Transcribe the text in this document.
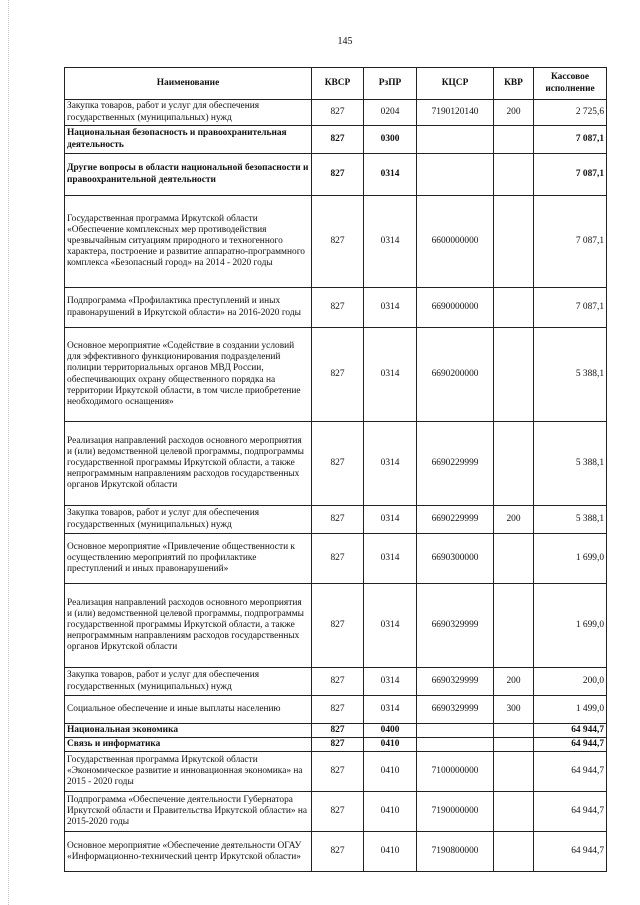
145
Наименование	КВСР	РзПР	КЦСР	КВР	Кассовое исполнение
Закупка товаров, работ и услуг для обеспечения государственных (муниципальных) нужд	827	0204	7190120140	200	2 725,6
Национальная безопасность и правоохранительная деятельность	827	0300			7 087,1
Другие вопросы в области национальной безопасности и правоохранительной деятельности	827	0314			7 087,1
Государственная программа Иркутской области «Обеспечение комплексных мер противодействия чрезвычайным ситуациям природного и техногенного характера, построение и развитие аппаратно-программного комплекса «Безопасный город» на 2014 - 2020 годы	827	0314	6600000000		7 087,1
Подпрограмма «Профилактика преступлений и иных правонарушений в Иркутской области» на 2016-2020 годы	827	0314	6690000000		7 087,1
Основное мероприятие «Содействие в создании условий для эффективного функционирования подразделений полиции территориальных органов МВД России, обеспечивающих охрану общественного порядка на территории Иркутской области, в том числе приобретение необходимого оснащения»	827	0314	6690200000		5 388,1
Реализация направлений расходов основного мероприятия и (или) ведомственной целевой программы, подпрограммы государственной программы Иркутской области, а также непрограммным направлениям расходов государственных органов Иркутской области	827	0314	6690229999		5 388,1
Закупка товаров, работ и услуг для обеспечения государственных (муниципальных) нужд	827	0314	6690229999	200	5 388,1
Основное мероприятие «Привлечение общественности к осуществлению мероприятий по профилактике преступлений и иных правонарушений»	827	0314	6690300000		1 699,0
Реализация направлений расходов основного мероприятия и (или) ведомственной целевой программы, подпрограммы государственной программы Иркутской области, а также непрограммным направлениям расходов государственных органов Иркутской области	827	0314	6690329999		1 699,0
Закупка товаров, работ и услуг для обеспечения государственных (муниципальных) нужд	827	0314	6690329999	200	200,0
Социальное обеспечение и иные выплаты населению	827	0314	6690329999	300	1 499,0
Национальная экономика	827	0400			64 944,7
Связь и информатика	827	0410			64 944,7
Государственная программа Иркутской области «Экономическое развитие и инновационная экономика» на 2015 - 2020 годы	827	0410	7100000000		64 944,7
Подпрограмма «Обеспечение деятельности Губернатора Иркутской области и Правительства Иркутской области» на 2015-2020 годы	827	0410	7190000000		64 944,7
Основное мероприятие «Обеспечение деятельности ОГАУ «Информационно-технический центр Иркутской области»	827	0410	7190800000		64 944,7
